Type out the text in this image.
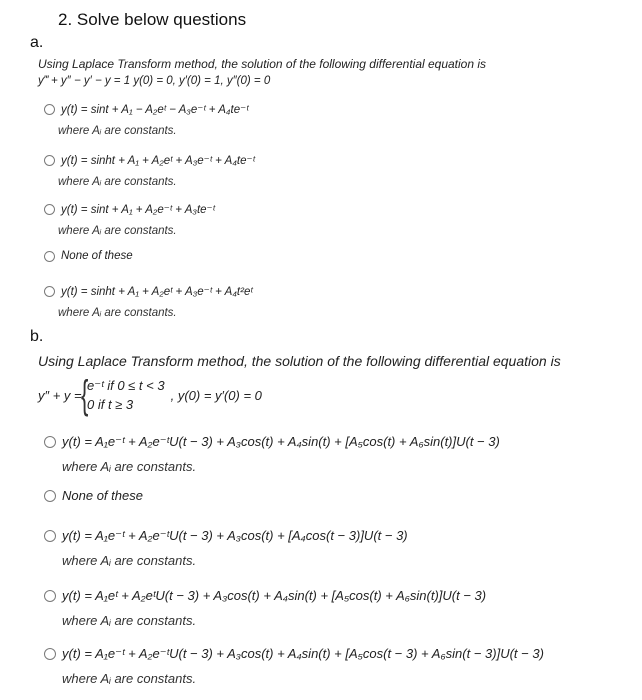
2. Solve below questions
a.
Using Laplace Transform method, the solution of the following differential equation is
y‴ + y″ − y′ − y = 1 y(0) = 0, y′(0) = 1, y″(0) = 0
y(t) = sint + A₁ − A₂eᵗ − A₃e⁻ᵗ + A₄te⁻ᵗ
where Aᵢ are constants.
y(t) = sinht + A₁ + A₂eᵗ + A₃e⁻ᵗ + A₄te⁻ᵗ
where Aᵢ are constants.
y(t) = sint + A₁ + A₂e⁻ᵗ + A₃te⁻ᵗ
where Aᵢ are constants.
None of these
y(t) = sinht + A₁ + A₂eᵗ + A₃e⁻ᵗ + A₄t²eᵗ
where Aᵢ are constants.
b.
Using Laplace Transform method, the solution of the following differential equation is
y″ + y = { e⁻ᵗ if 0 ≤ t < 3
0 if t ≥ 3
, y(0) = y′(0) = 0
y(t) = A₁e⁻ᵗ + A₂e⁻ᵗU(t − 3) + A₃cos(t) + A₄sin(t) + [A₅cos(t) + A₆sin(t)]U(t − 3)
where Aᵢ are constants.
None of these
y(t) = A₁e⁻ᵗ + A₂e⁻ᵗU(t − 3) + A₃cos(t) + [A₄cos(t − 3)]U(t − 3)
where Aᵢ are constants.
y(t) = A₁eᵗ + A₂eᵗU(t − 3) + A₃cos(t) + A₄sin(t) + [A₅cos(t) + A₆sin(t)]U(t − 3)
where Aᵢ are constants.
y(t) = A₁e⁻ᵗ + A₂e⁻ᵗU(t − 3) + A₃cos(t) + A₄sin(t) + [A₅cos(t − 3) + A₆sin(t − 3)]U(t − 3)
where Aᵢ are constants.
